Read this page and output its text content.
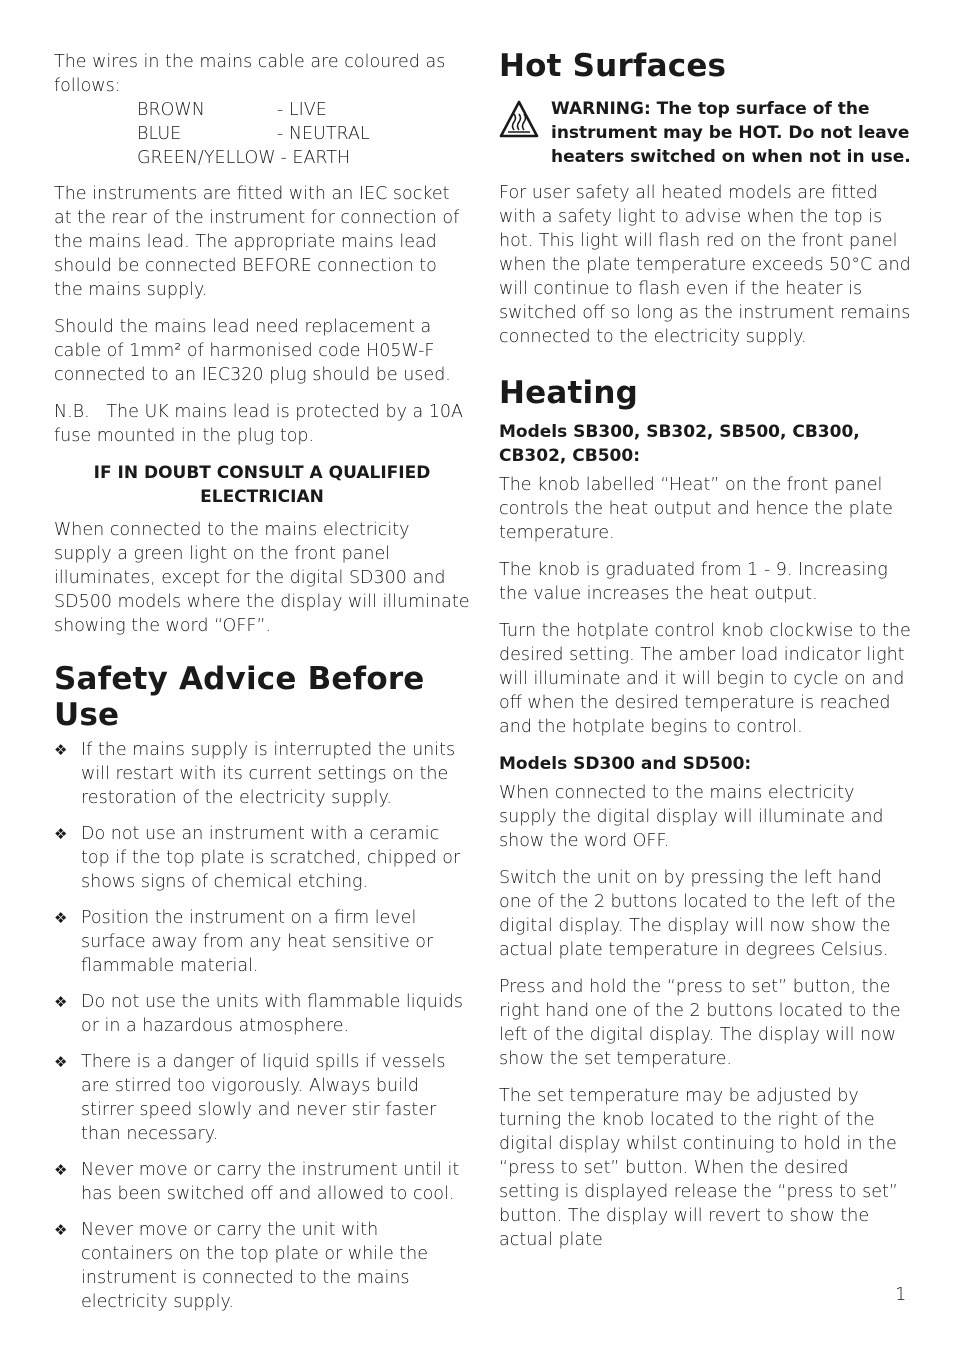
The wires in the mains cable are coloured as follows:

BROWN	- LIVE
BLUE	- NEUTRAL
GREEN/YELLOW - EARTH

The instruments are fitted with an IEC socket at the rear of the instrument for connection of the mains lead. The appropriate mains lead should be connected BEFORE connection to the mains supply.

Should the mains lead need replacement a cable of 1mm² of harmonised code H05W-F connected to an IEC320 plug should be used.

N.B.   The UK mains lead is protected by a 10A fuse mounted in the plug top.

IF IN DOUBT CONSULT A QUALIFIED ELECTRICIAN

When connected to the mains electricity supply a green light on the front panel illuminates, except for the digital SD300 and SD500 models where the display will illuminate showing the word “OFF”.

Safety Advice Before Use
❖ If the mains supply is interrupted the units will restart with its current settings on the restoration of the electricity supply.
❖ Do not use an instrument with a ceramic top if the top plate is scratched, chipped or shows signs of chemical etching.
❖ Position the instrument on a firm level surface away from any heat sensitive or flammable material.
❖ Do not use the units with flammable liquids or in a hazardous atmosphere.
❖ There is a danger of liquid spills if vessels are stirred too vigorously. Always build stirrer speed slowly and never stir faster than necessary.
❖ Never move or carry the instrument until it has been switched off and allowed to cool.
❖ Never move or carry the unit with containers on the top plate or while the instrument is connected to the mains electricity supply.
Hot Surfaces
WARNING: The top surface of the instrument may be HOT. Do not leave heaters switched on when not in use.

For user safety all heated models are fitted with a safety light to advise when the top is hot. This light will flash red on the front panel when the plate temperature exceeds 50°C and will continue to flash even if the heater is switched off so long as the instrument remains connected to the electricity supply.

Heating
Models SB300, SB302, SB500, CB300, CB302, CB500:

The knob labelled “Heat” on the front panel controls the heat output and hence the plate temperature.

The knob is graduated from 1 - 9. Increasing the value increases the heat output.

Turn the hotplate control knob clockwise to the desired setting. The amber load indicator light will illuminate and it will begin to cycle on and off when the desired temperature is reached and the hotplate begins to control.

Models SD300 and SD500:

When connected to the mains electricity supply the digital display will illuminate and show the word OFF.

Switch the unit on by pressing the left hand one of the 2 buttons located to the left of the digital display. The display will now show the actual plate temperature in degrees Celsius.

Press and hold the “press to set” button, the right hand one of the 2 buttons located to the left of the digital display. The display will now show the set temperature.

The set temperature may be adjusted by turning the knob located to the right of the digital display whilst continuing to hold in the “press to set” button. When the desired setting is displayed release the “press to set” button. The display will revert to show the actual plate

1
